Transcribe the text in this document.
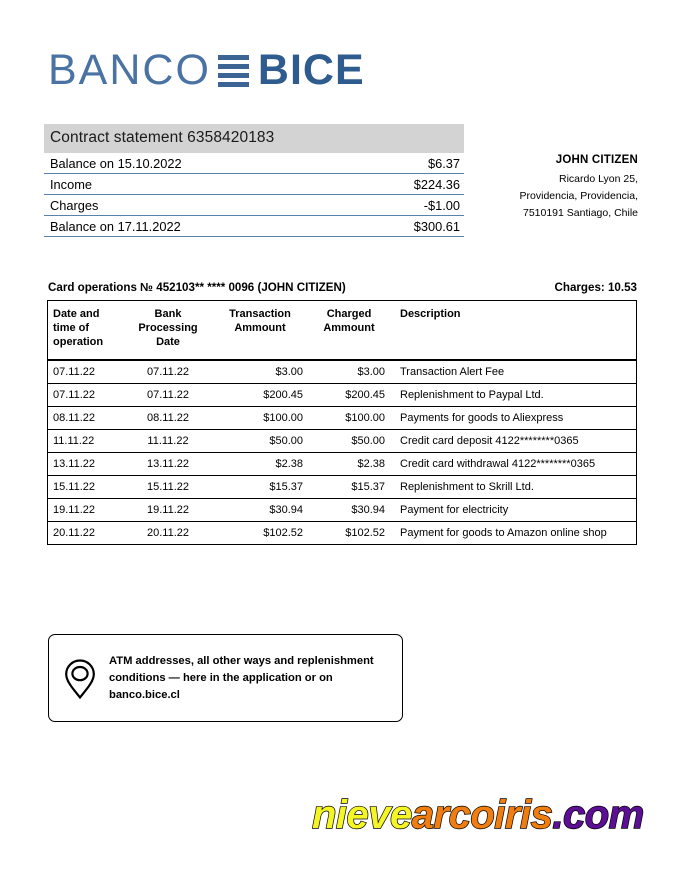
BANCO BICE
Contract statement 6358420183
Balance on 15.10.2022	$6.37
Income	$224.36
Charges	-$1.00
Balance on 17.11.2022	$300.61
JOHN CITIZEN
Ricardo Lyon 25,
Providencia, Providencia,
7510191 Santiago, Chile
Card operations № 452103** **** 0096 (JOHN CITIZEN)	Charges: 10.53
Date and time of operation	Bank Processing Date	Transaction Ammount	Charged Ammount	Description
07.11.22	07.11.22	$3.00	$3.00	Transaction Alert Fee
07.11.22	07.11.22	$200.45	$200.45	Replenishment to Paypal Ltd.
08.11.22	08.11.22	$100.00	$100.00	Payments for goods to Aliexpress
11.11.22	11.11.22	$50.00	$50.00	Credit card deposit 4122********0365
13.11.22	13.11.22	$2.38	$2.38	Credit card withdrawal 4122********0365
15.11.22	15.11.22	$15.37	$15.37	Replenishment to Skrill Ltd.
19.11.22	19.11.22	$30.94	$30.94	Payment for electricity
20.11.22	20.11.22	$102.52	$102.52	Payment for goods to Amazon online shop
ATM addresses, all other ways and replenishment
conditions — here in the application or on
banco.bice.cl
nievearcoiris.com
